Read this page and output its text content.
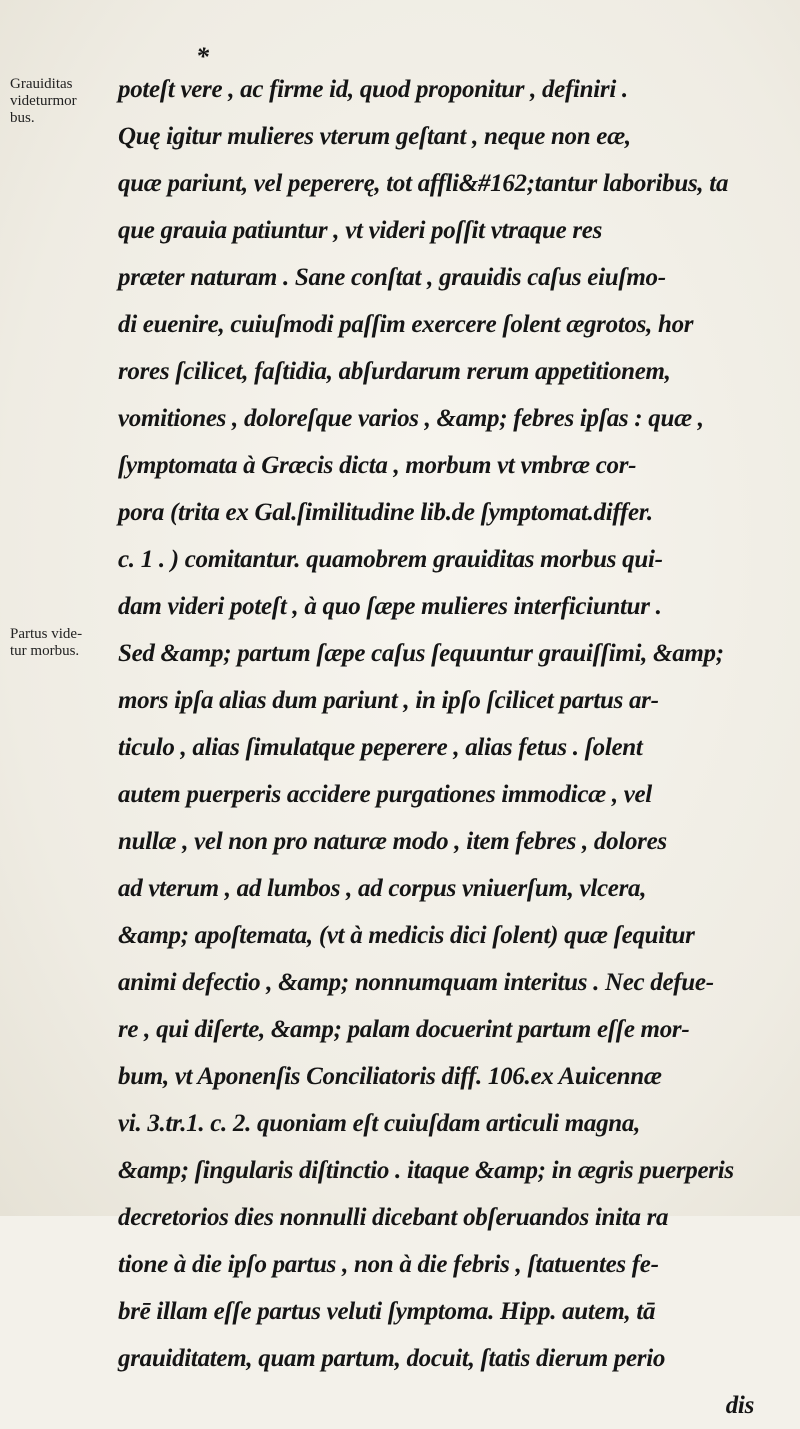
*
Grauiditas
videturmor
bus.
Partus vide-
tur morbus.
poteſt vere , ac firme id, quod proponitur , definiri .
Quę igitur mulieres vterum geſtant , neque non eæ,
quæ pariunt, vel pepererę, tot affli&#162;tantur laboribus, ta
que grauia patiuntur , vt videri poſſit vtraque res
præter naturam . Sane conſtat , grauidis caſus eiuſmo-
di euenire, cuiuſmodi paſſim exercere ſolent ægrotos, hor
rores ſcilicet, faſtidia, abſurdarum rerum appetitionem,
vomitiones , doloreſque varios , &amp; febres ipſas : quæ ,
ſymptomata à Græcis dicta , morbum vt vmbræ cor-
pora (trita ex Gal.ſimilitudine lib.de ſymptomat.differ.
c. 1 . ) comitantur. quamobrem grauiditas morbus qui-
dam videri poteſt , à quo ſæpe mulieres interficiuntur .
Sed &amp; partum ſæpe caſus ſequuntur grauiſſimi, &amp;
mors ipſa alias dum pariunt , in ipſo ſcilicet partus ar-
ticulo , alias ſimulatque peperere , alias fetus . ſolent
autem puerperis accidere purgationes immodicæ , vel
nullæ , vel non pro naturæ modo , item febres , dolores
ad vterum , ad lumbos , ad corpus vniuerſum, vlcera,
&amp; apoſtemata, (vt à medicis dici ſolent) quæ ſequitur
animi defectio , &amp; nonnumquam interitus . Nec defue-
re , qui diſerte, &amp; palam docuerint partum eſſe mor-
bum, vt Aponenſis Conciliatoris diff. 106.ex Auicennæ
vi. 3.tr.1. c. 2. quoniam eſt cuiuſdam articuli magna,
&amp; ſingularis diſtinctio . itaque &amp; in ægris puerperis
decretorios dies nonnulli dicebant obſeruandos inita ra
tione à die ipſo partus , non à die febris , ſtatuentes fe-
brē illam eſſe partus veluti ſymptoma. Hipp. autem, tā
grauiditatem, quam partum, docuit, ſtatis dierum perio
dis
